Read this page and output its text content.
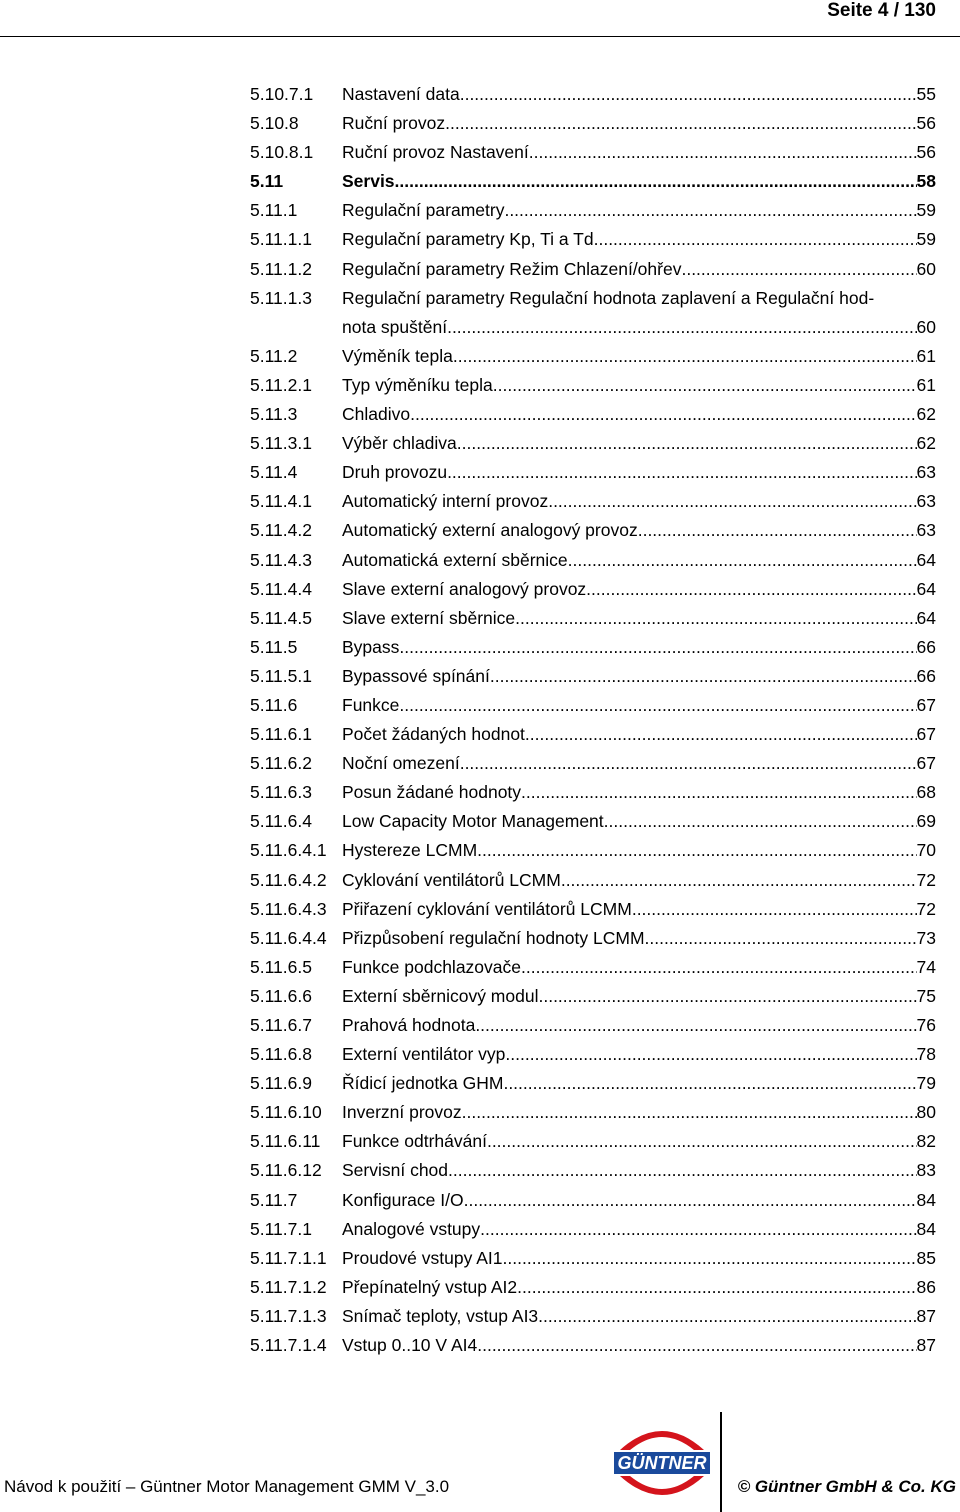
Seite 4 / 130
5.10.7.1	Nastavení data .....	55
5.10.8	Ruční provoz .....	56
5.10.8.1	Ruční provoz Nastavení .....	56
5.11	Servis .....	58
5.11.1	Regulační parametry .....	59
5.11.1.1	Regulační parametry Kp, Ti a Td .....	59
5.11.1.2	Regulační parametry Režim Chlazení/ohřev .....	60
5.11.1.3	Regulační parametry Regulační hodnota zaplavení a Regulační hod-
nota spuštění .....	60
5.11.2	Výměník tepla .....	61
5.11.2.1	Typ výměníku tepla .....	61
5.11.3	Chladivo .....	62
5.11.3.1	Výběr chladiva .....	62
5.11.4	Druh provozu .....	63
5.11.4.1	Automatický interní provoz .....	63
5.11.4.2	Automatický externí analogový provoz .....	63
5.11.4.3	Automatická externí sběrnice .....	64
5.11.4.4	Slave externí analogový provoz .....	64
5.11.4.5	Slave externí sběrnice .....	64
5.11.5	Bypass .....	66
5.11.5.1	Bypassové spínání .....	66
5.11.6	Funkce .....	67
5.11.6.1	Počet žádaných hodnot .....	67
5.11.6.2	Noční omezení .....	67
5.11.6.3	Posun žádané hodnoty .....	68
5.11.6.4	Low Capacity Motor Management .....	69
5.11.6.4.1 Hystereze LCMM .....	70
5.11.6.4.2 Cyklování ventilátorů LCMM .....	72
5.11.6.4.3 Přiřazení cyklování ventilátorů LCMM .....	72
5.11.6.4.4 Přizpůsobení regulační hodnoty LCMM .....	73
5.11.6.5	Funkce podchlazovače .....	74
5.11.6.6	Externí sběrnicový modul .....	75
5.11.6.7	Prahová hodnota .....	76
5.11.6.8	Externí ventilátor vyp. .....	78
5.11.6.9	Řídicí jednotka GHM .....	79
5.11.6.10	Inverzní provoz .....	80
5.11.6.11	Funkce odtrhávání .....	82
5.11.6.12	Servisní chod .....	83
5.11.7	Konfigurace I/O .....	84
5.11.7.1	Analogové vstupy .....	84
5.11.7.1.1 Proudové vstupy AI1 .....	85
5.11.7.1.2 Přepínatelný vstup AI2 .....	86
5.11.7.1.3 Snímač teploty, vstup AI3 .....	87
5.11.7.1.4 Vstup 0..10 V AI4 .....	87
GÜNTNER
Návod k použití – Güntner Motor Management GMM V_3.0	© Güntner GmbH & Co. KG
